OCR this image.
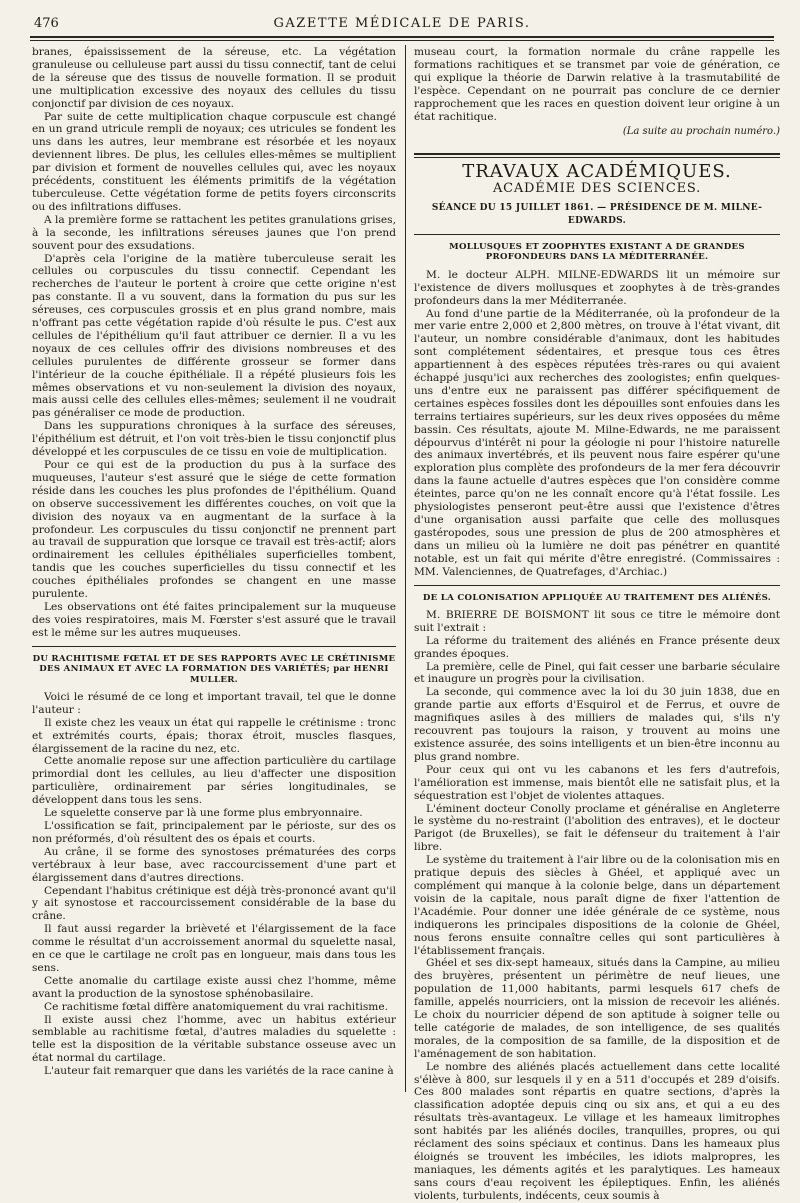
476	GAZETTE MÉDICALE DE PARIS.

branes, épaississement de la séreuse, etc. La végétation granuleuse ou celluleuse part aussi du tissu connectif, tant de celui de la séreuse que des tissus de nouvelle formation. Il se produit une multiplication excessive des noyaux des cellules du tissu conjonctif par division de ces noyaux.

Par suite de cette multiplication chaque corpuscule est changé en un grand utricule rempli de noyaux; ces utricules se fondent les uns dans les autres, leur membrane est résorbée et les noyaux deviennent libres. De plus, les cellules elles-mêmes se multiplient par division et forment de nouvelles cellules qui, avec les noyaux précédents, constituent les éléments primitifs de la végétation tuberculeuse. Cette végétation forme de petits foyers circonscrits ou des infiltrations diffuses.

A la première forme se rattachent les petites granulations grises, à la seconde, les infiltrations séreuses jaunes que l'on prend souvent pour des exsudations.

D'après cela l'origine de la matière tuberculeuse serait les cellules ou corpuscules du tissu connectif. Cependant les recherches de l'auteur le portent à croire que cette origine n'est pas constante. Il a vu souvent, dans la formation du pus sur les séreuses, ces corpuscules grossis et en plus grand nombre, mais n'offrant pas cette végétation rapide d'où résulte le pus. C'est aux cellules de l'épithélium qu'il faut attribuer ce dernier. Il a vu les noyaux de ces cellules offrir des divisions nombreuses et des cellules purulentes de différente grosseur se former dans l'intérieur de la couche épithéliale. Il a répété plusieurs fois les mêmes observations et vu non-seulement la division des noyaux, mais aussi celle des cellules elles-mêmes; seulement il ne voudrait pas généraliser ce mode de production.

Dans les suppurations chroniques à la surface des séreuses, l'épithélium est détruit, et l'on voit très-bien le tissu conjonctif plus développé et les corpuscules de ce tissu en voie de multiplication.

Pour ce qui est de la production du pus à la surface des muqueuses, l'auteur s'est assuré que le siége de cette formation réside dans les couches les plus profondes de l'épithélium. Quand on observe successivement les différentes couches, on voit que la division des noyaux va en augmentant de la surface à la profondeur. Les corpuscules du tissu conjonctif ne prennent part au travail de suppuration que lorsque ce travail est très-actif; alors ordinairement les cellules épithéliales superficielles tombent, tandis que les couches superficielles du tissu connectif et les couches épithéliales profondes se changent en une masse purulente.

Les observations ont été faites principalement sur la muqueuse des voies respiratoires, mais M. Fœrster s'est assuré que le travail est le même sur les autres muqueuses.

DU RACHITISME FŒTAL ET DE SES RAPPORTS AVEC LE CRÉTINISME DES ANIMAUX ET AVEC LA FORMATION DES VARIÉTÉS; par HENRI MULLER.

Voici le résumé de ce long et important travail, tel que le donne l'auteur :

Il existe chez les veaux un état qui rappelle le crétinisme : tronc et extrémités courts, épais; thorax étroit, muscles flasques, élargissement de la racine du nez, etc.

Cette anomalie repose sur une affection particulière du cartilage primordial dont les cellules, au lieu d'affecter une disposition particulière, ordinairement par séries longitudinales, se développent dans tous les sens.

Le squelette conserve par là une forme plus embryonnaire.

L'ossification se fait, principalement par le périoste, sur des os non préformés, d'où résultent des os épais et courts.

Au crâne, il se forme des synostoses prématurées des corps vertébraux à leur base, avec raccourcissement d'une part et élargissement dans d'autres directions.

Cependant l'habitus crétinique est déjà très-prononcé avant qu'il y ait synostose et raccourcissement considérable de la base du crâne.

Il faut aussi regarder la brièveté et l'élargissement de la face comme le résultat d'un accroissement anormal du squelette nasal, en ce que le cartilage ne croît pas en longueur, mais dans tous les sens.

Cette anomalie du cartilage existe aussi chez l'homme, même avant la production de la synostose sphénobasilaire.

Ce rachitisme fœtal diffère anatomiquement du vrai rachitisme.

Il existe aussi chez l'homme, avec un habitus extérieur semblable au rachitisme fœtal, d'autres maladies du squelette : telle est la disposition de la véritable substance osseuse avec un état normal du cartilage.

L'auteur fait remarquer que dans les variétés de la race canine à

museau court, la formation normale du crâne rappelle les formations rachitiques et se transmet par voie de génération, ce qui explique la théorie de Darwin relative à la trasmutabilité de l'espèce. Cependant on ne pourrait pas conclure de ce dernier rapprochement que les races en question doivent leur origine à un état rachitique.

(La suite au prochain numéro.)

TRAVAUX ACADÉMIQUES.

ACADÉMIE DES SCIENCES.

SÉANCE DU 15 JUILLET 1861. — PRÉSIDENCE DE M. MILNE-EDWARDS.

MOLLUSQUES ET ZOOPHYTES EXISTANT A DE GRANDES PROFONDEURS DANS LA MÉDITERRANÉE.

M. le docteur ALPH. MILNE-EDWARDS lit un mémoire sur l'existence de divers mollusques et zoophytes à de très-grandes profondeurs dans la mer Méditerranée.

Au fond d'une partie de la Méditerranée, où la profondeur de la mer varie entre 2,000 et 2,800 mètres, on trouve à l'état vivant, dit l'auteur, un nombre considérable d'animaux, dont les habitudes sont complétement sédentaires, et presque tous ces êtres appartiennent à des espèces réputées très-rares ou qui avaient échappé jusqu'ici aux recherches des zoologistes; enfin quelques-uns d'entre eux ne paraissent pas différer spécifiquement de certaines espèces fossiles dont les dépouilles sont enfouies dans les terrains tertiaires supérieurs, sur les deux rives opposées du même bassin. Ces résultats, ajoute M. Milne-Edwards, ne me paraissent dépourvus d'intérêt ni pour la géologie ni pour l'histoire naturelle des animaux invertébrés, et ils peuvent nous faire espérer qu'une exploration plus complète des profondeurs de la mer fera découvrir dans la faune actuelle d'autres espèces que l'on considère comme éteintes, parce qu'on ne les connaît encore qu'à l'état fossile. Les physiologistes penseront peut-être aussi que l'existence d'êtres d'une organisation aussi parfaite que celle des mollusques gastéropodes, sous une pression de plus de 200 atmosphères et dans un milieu où la lumière ne doit pas pénétrer en quantité notable, est un fait qui mérite d'être enregistré. (Commissaires : MM. Valenciennes, de Quatrefages, d'Archiac.)

DE LA COLONISATION APPLIQUÉE AU TRAITEMENT DES ALIÉNÉS.

M. BRIERRE DE BOISMONT lit sous ce titre le mémoire dont suit l'extrait :

La réforme du traitement des aliénés en France présente deux grandes époques.

La première, celle de Pinel, qui fait cesser une barbarie séculaire et inaugure un progrès pour la civilisation.

La seconde, qui commence avec la loi du 30 juin 1838, due en grande partie aux efforts d'Esquirol et de Ferrus, et ouvre de magnifiques asiles à des milliers de malades qui, s'ils n'y recouvrent pas toujours la raison, y trouvent au moins une existence assurée, des soins intelligents et un bien-être inconnu au plus grand nombre.

Pour ceux qui ont vu les cabanons et les fers d'autrefois, l'amélioration est immense, mais bientôt elle ne satisfait plus, et la séquestration est l'objet de violentes attaques.

L'éminent docteur Conolly proclame et généralise en Angleterre le système du no-restraint (l'abolition des entraves), et le docteur Parigot (de Bruxelles), se fait le défenseur du traitement à l'air libre.

Le système du traitement à l'air libre ou de la colonisation mis en pratique depuis des siècles à Ghéel, et appliqué avec un complément qui manque à la colonie belge, dans un département voisin de la capitale, nous paraît digne de fixer l'attention de l'Académie. Pour donner une idée générale de ce système, nous indiquerons les principales dispositions de la colonie de Ghéel, nous ferons ensuite connaître celles qui sont particulières à l'établissement français.

Ghéel et ses dix-sept hameaux, situés dans la Campine, au milieu des bruyères, présentent un périmètre de neuf lieues, une population de 11,000 habitants, parmi lesquels 617 chefs de famille, appelés nourriciers, ont la mission de recevoir les aliénés. Le choix du nourricier dépend de son aptitude à soigner telle ou telle catégorie de malades, de son intelligence, de ses qualités morales, de la composition de sa famille, de la disposition et de l'aménagement de son habitation.

Le nombre des aliénés placés actuellement dans cette localité s'élève à 800, sur lesquels il y en a 511 d'occupés et 289 d'oisifs. Ces 800 malades sont répartis en quatre sections, d'après la classification adoptée depuis cinq ou six ans, et qui a eu des résultats très-avantageux. Le village et les hameaux limitrophes sont habités par les aliénés dociles, tranquilles, propres, ou qui réclament des soins spéciaux et continus. Dans les hameaux plus éloignés se trouvent les imbéciles, les idiots malpropres, les maniaques, les déments agités et les paralytiques. Les hameaux sans cours d'eau reçoivent les épileptiques. Enfin, les aliénés violents, turbulents, indécents, ceux soumis à
